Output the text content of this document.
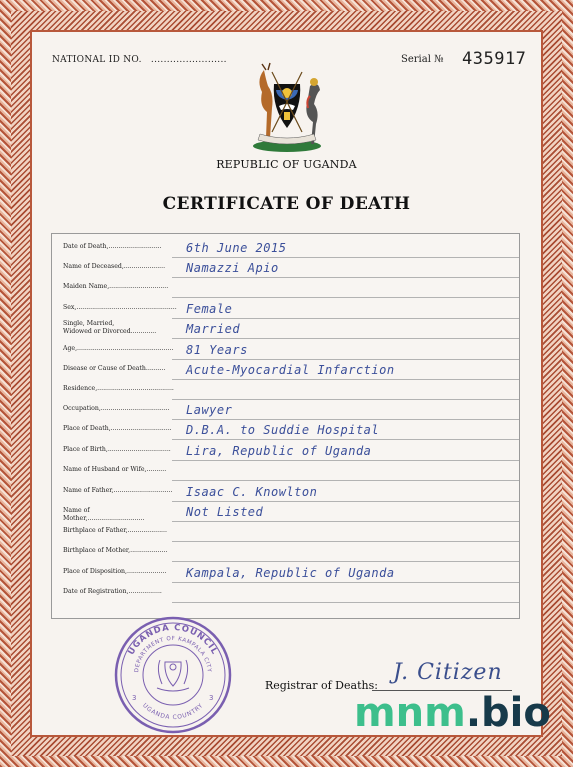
NATIONAL ID NO. ........................	Serial № 435917
REPUBLIC OF UGANDA
CERTIFICATE OF DEATH
Date of Death,...........................	6th June 2015
Name of Deceased,.....................	Namazzi Apio
Maiden Name,..............................
Sex,................................................... Female
Single, Married,
Widowed or Divorced.............	Married
Age,................................................. 81 Years
Disease or Cause of Death..........	Acute-Myocardial Infarction
Residence,.......................................
Occupation,................................... Lawyer
Place of Death,............................... D.B.A. to Suddie Hospital
Place of Birth,................................ Lira, Republic of Uganda
Name of Husband or Wife,..........
Name of Father,.............................. Isaac C. Knowlton
Name of Mother,.............................	Not Listed
Birthplace of Father,....................
Birthplace of Mother,...................
Place of Disposition,....................	Kampala, Republic of Uganda
Date of Registration,.................
UGANDA COUNCIL
DEPARTMENT OF KAMPALA CITY
UGANDA COUNTRY
3	3
Registrar of Deaths:
J. Citizen
mnm.bio
